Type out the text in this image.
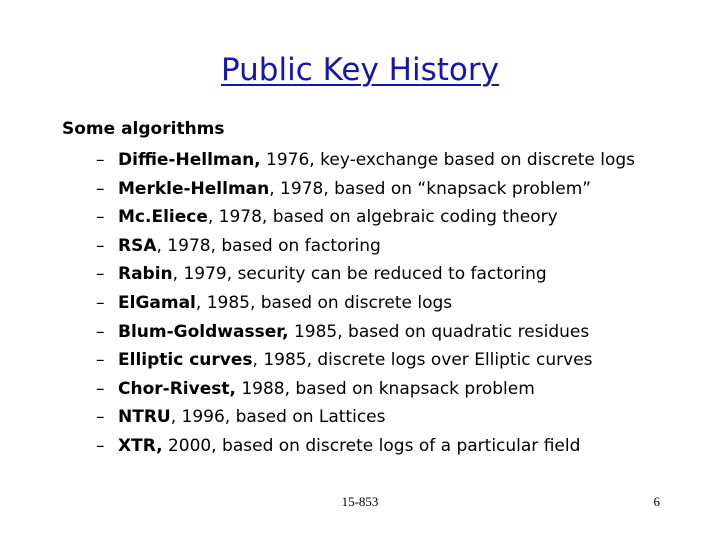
Public Key History
Some algorithms
– Diffie-Hellman, 1976, key-exchange based on discrete logs
– Merkle-Hellman, 1978, based on “knapsack problem”
– Mc.Eliece, 1978, based on algebraic coding theory
– RSA, 1978, based on factoring
– Rabin, 1979, security can be reduced to factoring
– ElGamal, 1985, based on discrete logs
– Blum-Goldwasser, 1985, based on quadratic residues
– Elliptic curves, 1985, discrete logs over Elliptic curves
– Chor-Rivest, 1988, based on knapsack problem
– NTRU, 1996, based on Lattices
– XTR, 2000, based on discrete logs of a particular field
15-853	6
